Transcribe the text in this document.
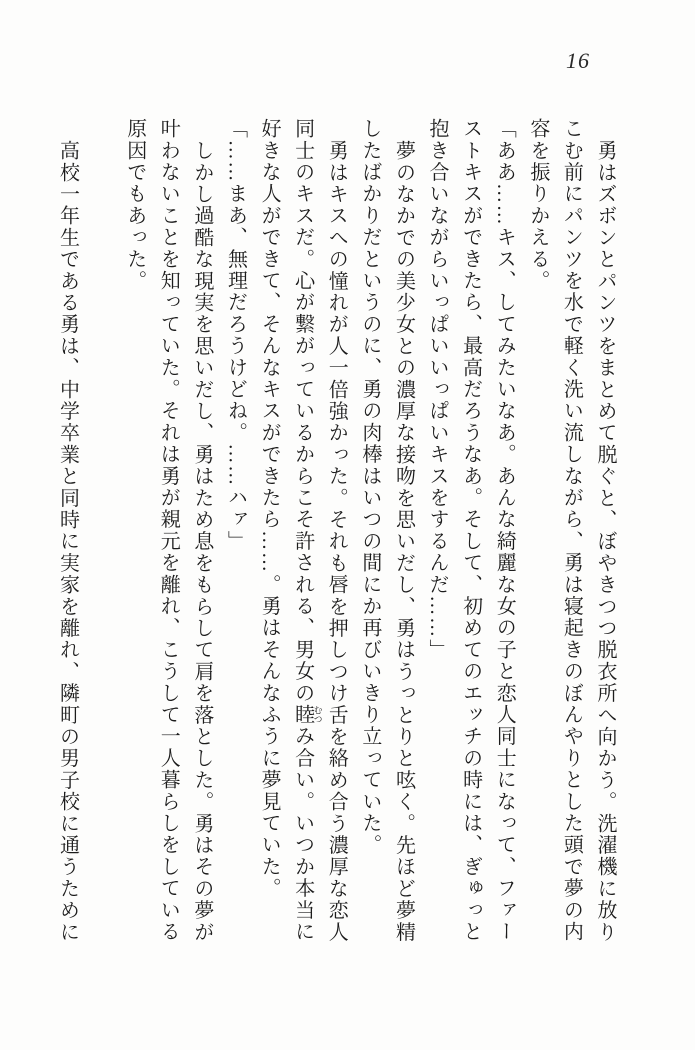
16

勇はズボンとパンツをまとめて脱ぐと、ぼやきつつ脱衣所へ向かう。洗濯機に放りこむ前にパンツを水で軽く洗い流しながら、勇は寝起きのぼんやりとした頭で夢の内容を振りかえる。

「ああ……キス、してみたいなあ。あんな綺麗な女の子と恋人同士になって、ファーストキスができたら、最高だろうなあ。そして、初めてのエッチの時には、ぎゅっと抱き合いながらいっぱいいっぱいキスをするんだ……」

夢のなかでの美少女との濃厚な接吻を思いだし、勇はうっとりと呟く。先ほど夢精したばかりだというのに、勇の肉棒はいつの間にか再びいきり立っていた。

勇はキスへの憧れが人一倍強かった。それも唇を押しつけ舌を絡め合う濃厚な恋人同士のキスだ。心が繋がっているからこそ許される、男女の睦 むつみ合い。いつか本当に好きな人ができて、そんなキスができたら……。勇はそんなふうに夢見ていた。

「……まあ、無理だろうけどね。……ハァ」

しかし過酷な現実を思いだし、勇はため息をもらして肩を落とした。勇はその夢が叶わないことを知っていた。それは勇が親元を離れ、こうして一人暮らしをしている原因でもあった。

高校一年生である勇は、中学卒業と同時に実家を離れ、隣町の男子校に通うために
